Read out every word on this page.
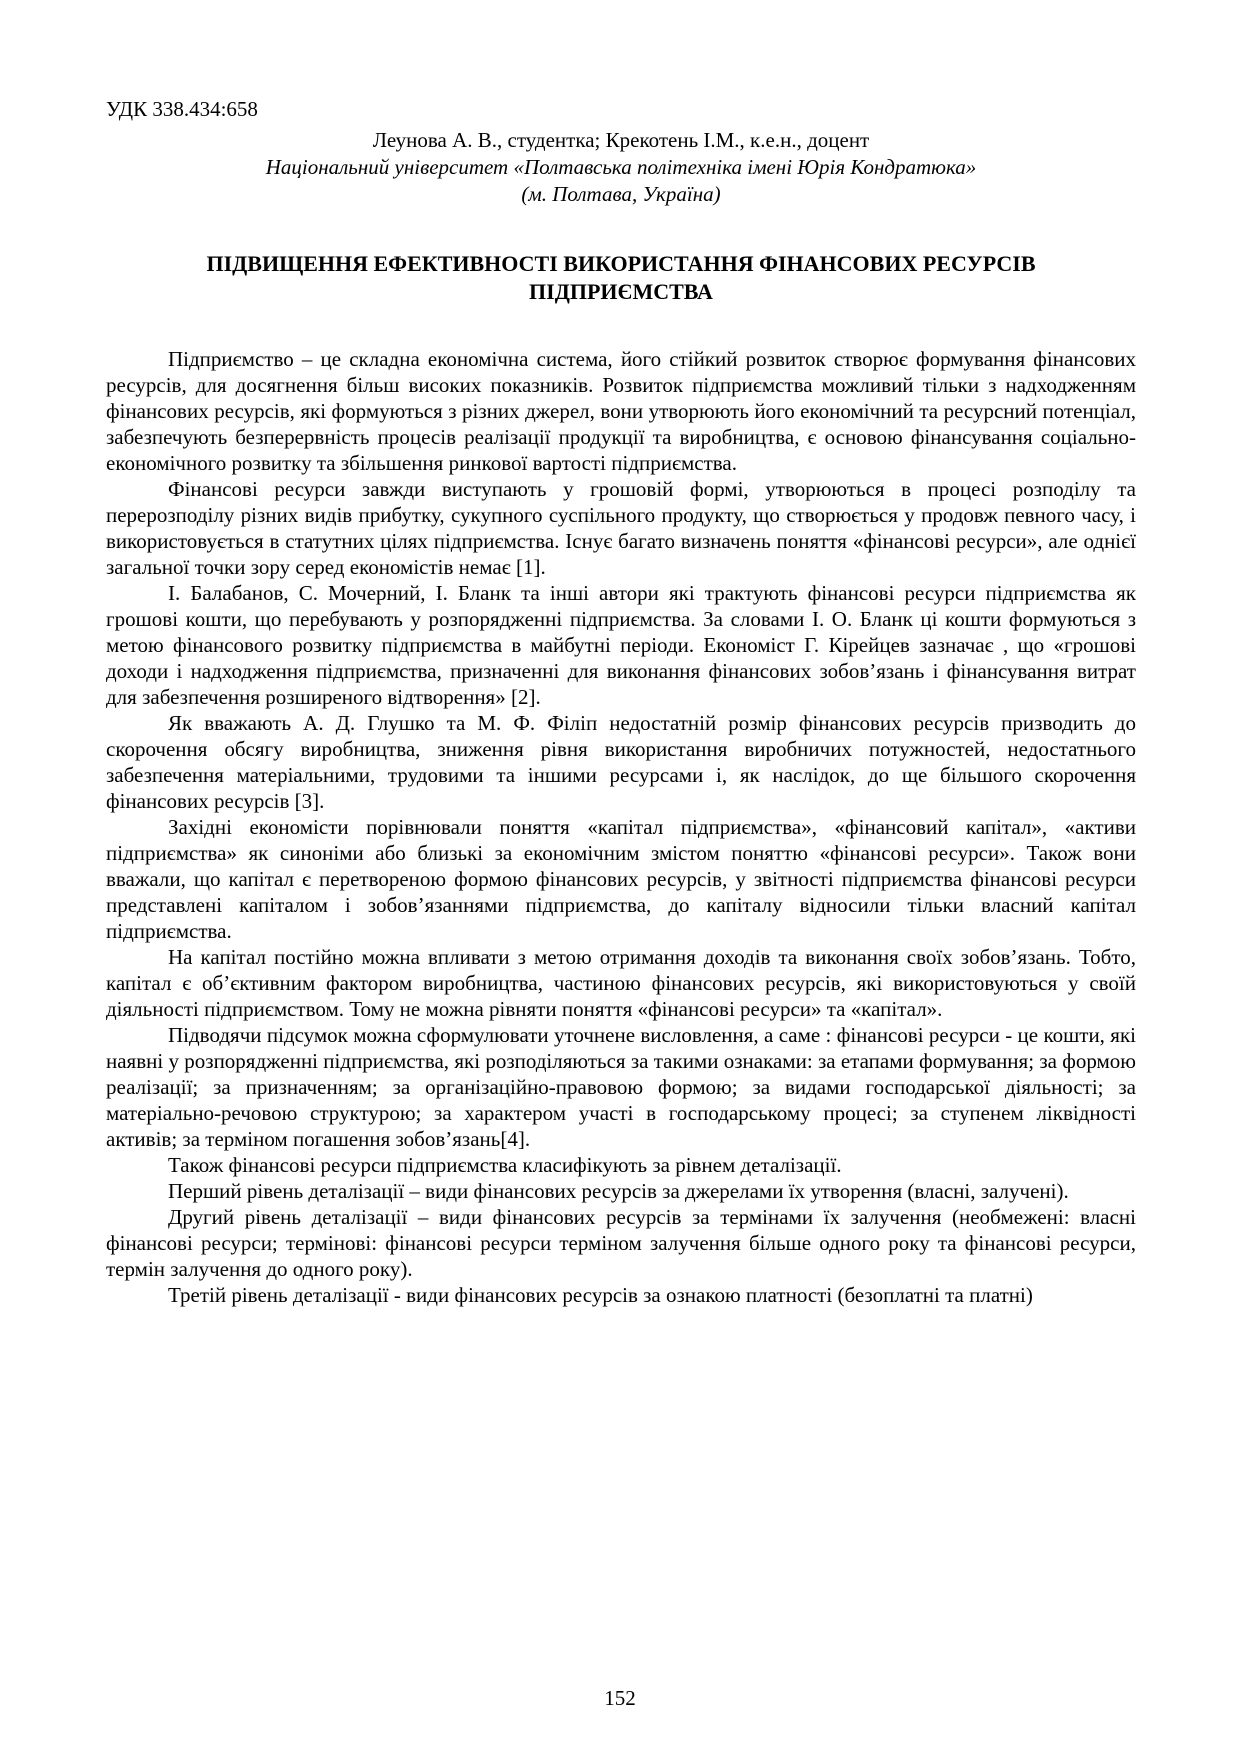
УДК 338.434:658
Леунова А. В., студентка; Крекотень І.М., к.е.н., доцент
Національний університет «Полтавська політехніка імені Юрія Кондратюка»
(м. Полтава, Україна)
ПІДВИЩЕННЯ ЕФЕКТИВНОСТІ ВИКОРИСТАННЯ ФІНАНСОВИХ РЕСУРСІВ ПІДПРИЄМСТВА

Підприємство – це складна економічна система, його стійкий розвиток створює формування фінансових ресурсів, для досягнення більш високих показників. Розвиток підприємства можливий тільки з надходженням фінансових ресурсів, які формуються з різних джерел, вони утворюють його економічний та ресурсний потенціал, забезпечують безперервність процесів реалізації продукції та виробництва, є основою фінансування соціально-економічного розвитку та збільшення ринкової вартості підприємства.

Фінансові ресурси завжди виступають у грошовій формі, утворюються в процесі розподілу та перерозподілу різних видів прибутку, сукупного суспільного продукту, що створюється у продовж певного часу, і використовується в статутних цілях підприємства. Існує багато визначень поняття «фінансові ресурси», але однієї загальної точки зору серед економістів немає [1].

І. Балабанов, С. Мочерний, І. Бланк та інші автори які трактують фінансові ресурси підприємства як грошові кошти, що перебувають у розпорядженні підприємства. За словами І. О. Бланк ці кошти формуються з метою фінансового розвитку підприємства в майбутні періоди. Економіст Г. Кірейцев зазначає , що «грошові доходи і надходження підприємства, призначенні для виконання фінансових зобов’язань і фінансування витрат для забезпечення розширеного відтворення» [2].

Як вважають А. Д. Глушко та М. Ф. Філіп недостатній розмір фінансових ресурсів призводить до скорочення обсягу виробництва, зниження рівня використання виробничих потужностей, недостатнього забезпечення матеріальними, трудовими та іншими ресурсами і, як наслідок, до ще більшого скорочення фінансових ресурсів [3].

Західні економісти порівнювали поняття «капітал підприємства», «фінансовий капітал», «активи підприємства» як синоніми або близькі за економічним змістом поняттю «фінансові ресурси». Також вони вважали, що капітал є перетвореною формою фінансових ресурсів, у звітності підприємства фінансові ресурси представлені капіталом і зобов’язаннями підприємства, до капіталу відносили тільки власний капітал підприємства.

На капітал постійно можна впливати з метою отримання доходів та виконання своїх зобов’язань. Тобто, капітал є об’єктивним фактором виробництва, частиною фінансових ресурсів, які використовуються у своїй діяльності підприємством. Тому не можна рівняти поняття «фінансові ресурси» та «капітал».

Підводячи підсумок можна сформулювати уточнене висловлення, а саме : фінансові ресурси - це кошти, які наявні у розпорядженні підприємства, які розподіляються за такими ознаками: за етапами формування; за формою реалізації; за призначенням; за організаційно-правовою формою; за видами господарської діяльності; за матеріально-речовою структурою; за характером участі в господарському процесі; за ступенем ліквідності активів; за терміном погашення зобов’язань[4].

Також фінансові ресурси підприємства класифікують за рівнем деталізації.

Перший рівень деталізації – види фінансових ресурсів за джерелами їх утворення (власні, залучені).

Другий рівень деталізації – види фінансових ресурсів за термінами їх залучення (необмежені: власні фінансові ресурси; термінові: фінансові ресурси терміном залучення більше одного року та фінансові ресурси, термін залучення до одного року).

Третій рівень деталізації - види фінансових ресурсів за ознакою платності (безоплатні та платні)

152
